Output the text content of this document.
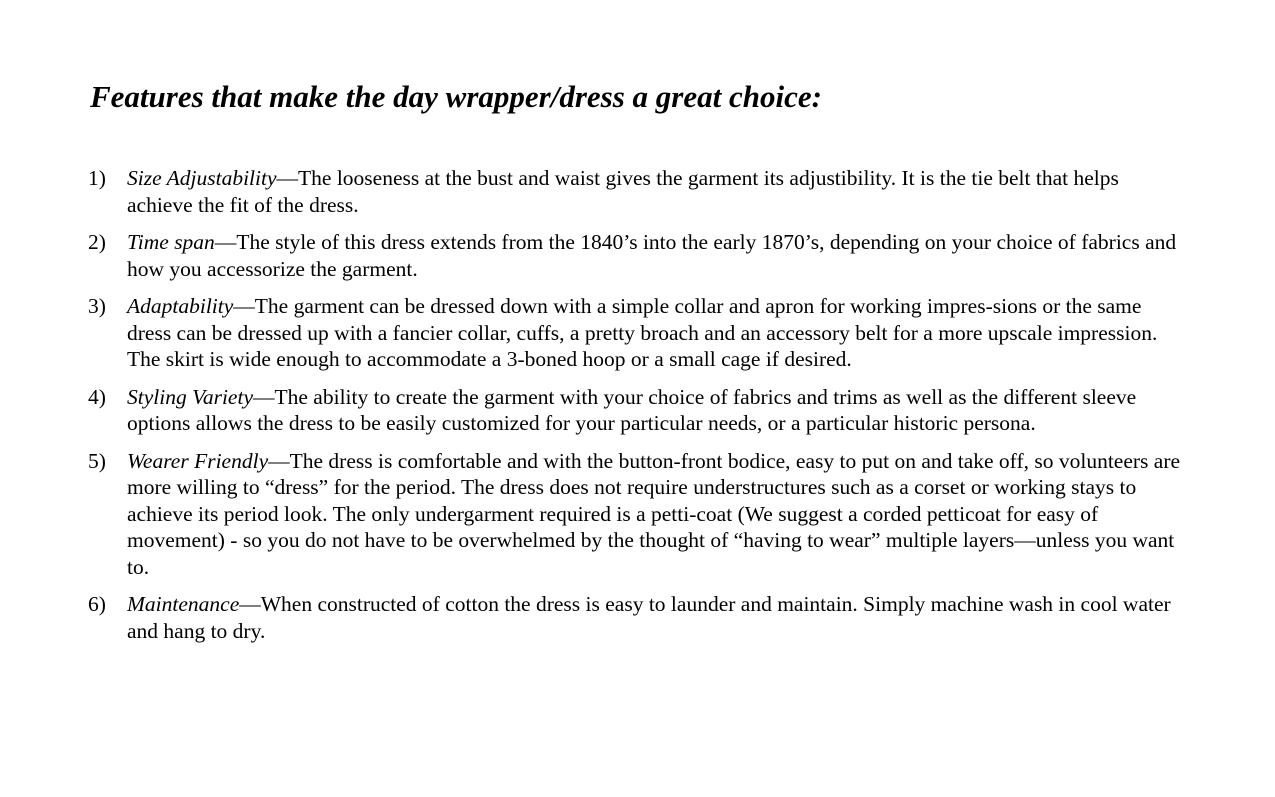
Features that make the day wrapper/dress a great choice:
1) Size Adjustability—The looseness at the bust and waist gives the garment its adjustibility. It is the tie belt that helps achieve the fit of the dress.
2) Time span—The style of this dress extends from the 1840’s into the early 1870’s, depending on your choice of fabrics and how you accessorize the garment.
3) Adaptability—The garment can be dressed down with a simple collar and apron for working impres-sions or the same dress can be dressed up with a fancier collar, cuffs, a pretty broach and an accessory belt for a more upscale impression. The skirt is wide enough to accommodate a 3-boned hoop or a small cage if desired.
4) Styling Variety—The ability to create the garment with your choice of fabrics and trims as well as the different sleeve options allows the dress to be easily customized for your particular needs, or a particular historic persona.
5) Wearer Friendly—The dress is comfortable and with the button-front bodice, easy to put on and take off, so volunteers are more willing to “dress” for the period. The dress does not require understructures such as a corset or working stays to achieve its period look. The only undergarment required is a petti-coat (We suggest a corded petticoat for easy of movement) - so you do not have to be overwhelmed by the thought of “having to wear” multiple layers—unless you want to.
6) Maintenance—When constructed of cotton the dress is easy to launder and maintain. Simply machine wash in cool water and hang to dry.
